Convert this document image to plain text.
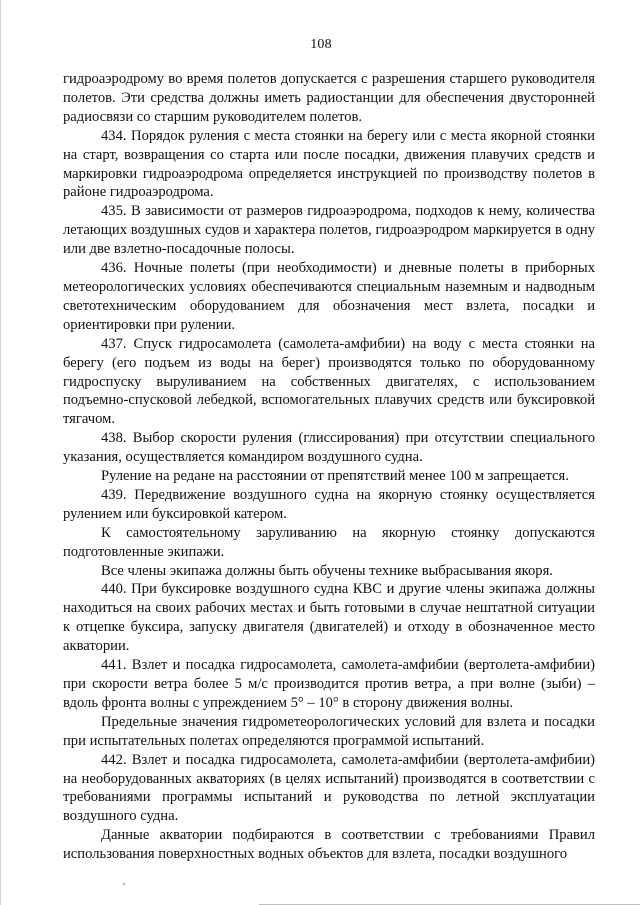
108

гидроаэродрому во время полетов допускается с разрешения старшего руководителя полетов. Эти средства должны иметь радиостанции для обеспечения двусторонней радиосвязи со старшим руководителем полетов.

434. Порядок руления с места стоянки на берегу или с места якорной стоянки на старт, возвращения со старта или после посадки, движения плавучих средств и маркировки гидроаэродрома определяется инструкцией по производству полетов в районе гидроаэродрома.

435. В зависимости от размеров гидроаэродрома, подходов к нему, количества летающих воздушных судов и характера полетов, гидроаэродром маркируется в одну или две взлетно-посадочные полосы.

436. Ночные полеты (при необходимости) и дневные полеты в приборных метеорологических условиях обеспечиваются специальным наземным и надводным светотехническим оборудованием для обозначения мест взлета, посадки и ориентировки при рулении.

437. Спуск гидросамолета (самолета-амфибии) на воду с места стоянки на берегу (его подъем из воды на берег) производятся только по оборудованному гидроспуску выруливанием на собственных двигателях, с использованием подъемно-спусковой лебедкой, вспомогательных плавучих средств или буксировкой тягачом.

438. Выбор скорости руления (глиссирования) при отсутствии специального указания, осуществляется командиром воздушного судна.

Руление на редане на расстоянии от препятствий менее 100 м запрещается.

439. Передвижение воздушного судна на якорную стоянку осуществляется рулением или буксировкой катером.

К самостоятельному заруливанию на якорную стоянку допускаются подготовленные экипажи.

Все члены экипажа должны быть обучены технике выбрасывания якоря.

440. При буксировке воздушного судна КВС и другие члены экипажа должны находиться на своих рабочих местах и быть готовыми в случае нештатной ситуации к отцепке буксира, запуску двигателя (двигателей) и отходу в обозначенное место акватории.

441. Взлет и посадка гидросамолета, самолета-амфибии (вертолета-амфибии) при скорости ветра более 5 м/с производится против ветра, а при волне (зыби) – вдоль фронта волны с упреждением 5° – 10° в сторону движения волны.

Предельные значения гидрометеорологических условий для взлета и посадки при испытательных полетах определяются программой испытаний.

442. Взлет и посадка гидросамолета, самолета-амфибии (вертолета-амфибии) на необорудованных акваториях (в целях испытаний) производятся в соответствии с требованиями программы испытаний и руководства по летной эксплуатации воздушного судна.

Данные акватории подбираются в соответствии с требованиями Правил использования поверхностных водных объектов для взлета, посадки воздушного
